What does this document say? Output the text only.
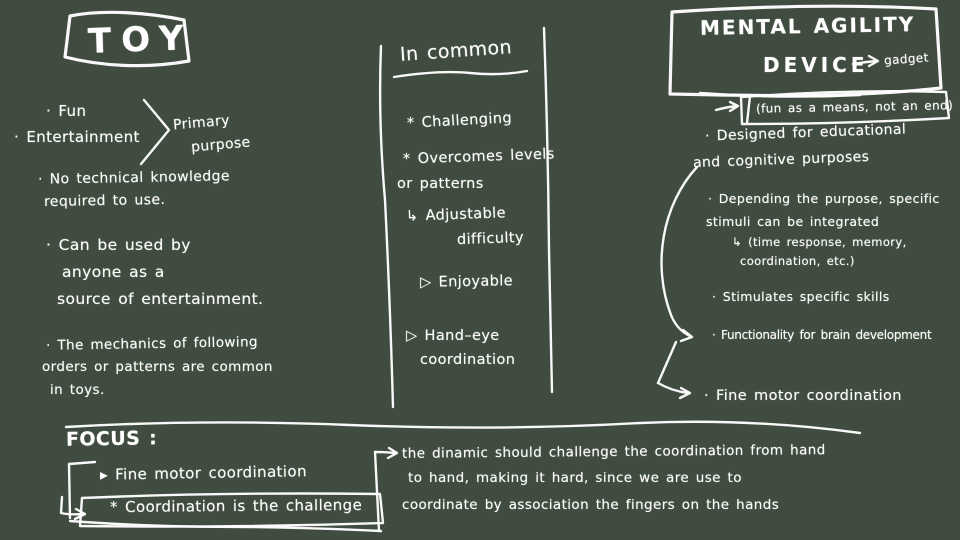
TOY
· Fun
· Entertainment
Primary
purpose
· No technical knowledge
required to use.
· Can be used by
anyone as a
source of entertainment.
· The mechanics of following
orders or patterns are common
in toys.
In common
* Challenging
* Overcomes levels
or patterns
↳ Adjustable
difficulty
▷ Enjoyable
▷ Hand–eye
coordination
MENTAL AGILITY
DEVICE gadget
(fun as a means, not an end)
· Designed for educational
and cognitive purposes
· Depending the purpose, specific
stimuli can be integrated
↳ (time response, memory,
coordination, etc.)
· Stimulates specific skills
· Functionality for brain development
· Fine motor coordination
FOCUS :
▸ Fine motor coordination
* Coordination is the challenge
the dinamic should challenge the coordination from hand
to hand, making it hard, since we are use to
coordinate by association the fingers on the hands
